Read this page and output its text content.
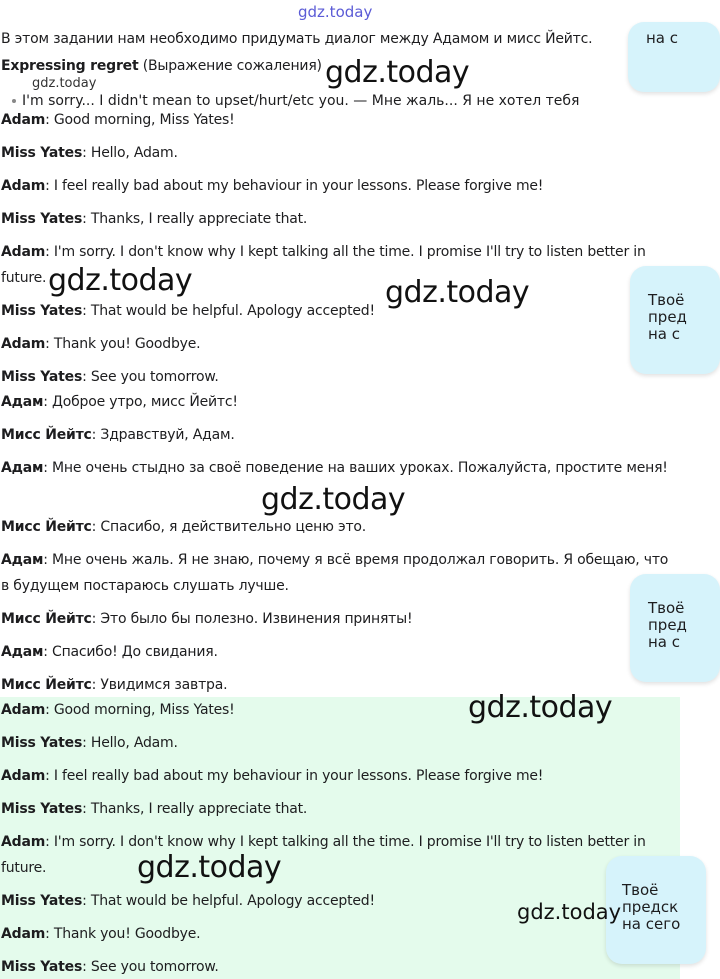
gdz.today
В этом задании нам необходимо придумать диалог между Адамом и мисс Йейтс.
Expressing regret (Выражение сожаления)
gdz.today
I'm sorry... I didn't mean to upset/hurt/etc you. — Мне жаль... Я не хотел тебя
Adam: Good morning, Miss Yates!
Miss Yates: Hello, Adam.
Adam: I feel really bad about my behaviour in your lessons. Please forgive me!
Miss Yates: Thanks, I really appreciate that.
Adam: I'm sorry. I don't know why I kept talking all the time. I promise I'll try to listen better in future.
Miss Yates: That would be helpful. Apology accepted!
Adam: Thank you! Goodbye.
Miss Yates: See you tomorrow.
Адам: Доброе утро, мисс Йейтс!
Мисс Йейтс: Здравствуй, Адам.
Адам: Мне очень стыдно за своё поведение на ваших уроках. Пожалуйста, простите меня!
Мисс Йейтс: Спасибо, я действительно ценю это.
Адам: Мне очень жаль. Я не знаю, почему я всё время продолжал говорить. Я обещаю, что в будущем постараюсь слушать лучше.
Мисс Йейтс: Это было бы полезно. Извинения приняты!
Адам: Спасибо! До свидания.
Мисс Йейтс: Увидимся завтра.
Adam: Good morning, Miss Yates!
Miss Yates: Hello, Adam.
Adam: I feel really bad about my behaviour in your lessons. Please forgive me!
Miss Yates: Thanks, I really appreciate that.
Adam: I'm sorry. I don't know why I kept talking all the time. I promise I'll try to listen better in future.
Miss Yates: That would be helpful. Apology accepted!
Adam: Thank you! Goodbye.
Miss Yates: See you tomorrow.
на с
Твоё
пред
на с
Твоё
пред
на с
Твоё
предск
на сего
gdz.today
gdz.today	gdz.today
gdz.today
gdz.today
gdz.today
gdz.today
